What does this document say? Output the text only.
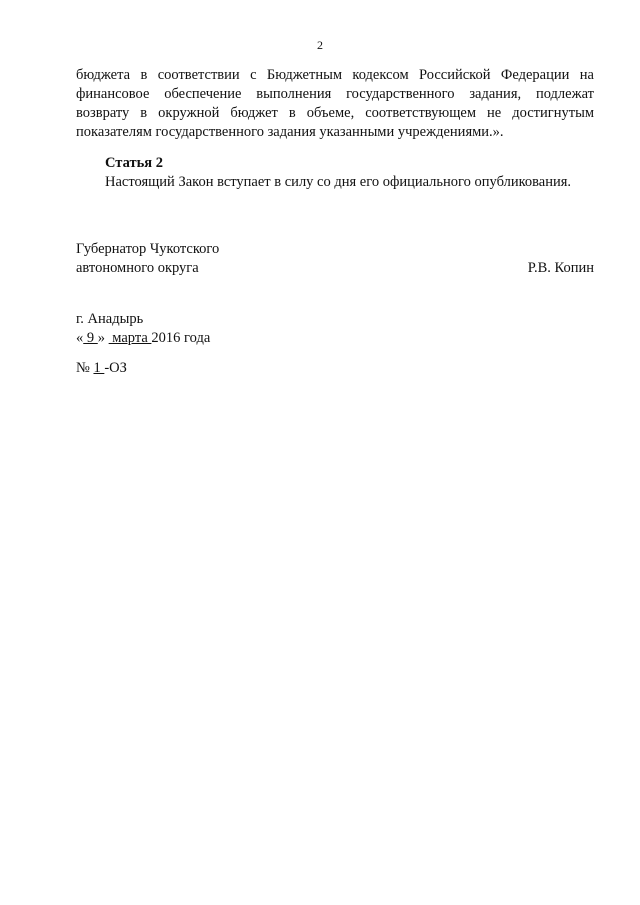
2
бюджета в соответствии с Бюджетным кодексом Российской Федерации на
финансовое обеспечение выполнения государственного задания, подлежат
возврату в окружной бюджет в объеме, соответствующем не достигнутым
показателям государственного задания указанными учреждениями.».
Статья 2
Настоящий Закон вступает в силу со дня его официального опубликования.
Губернатор Чукотского
автономного округа	Р.В. Копин
г. Анадырь
« 9 »  марта 2016 года
№ 1 -ОЗ
